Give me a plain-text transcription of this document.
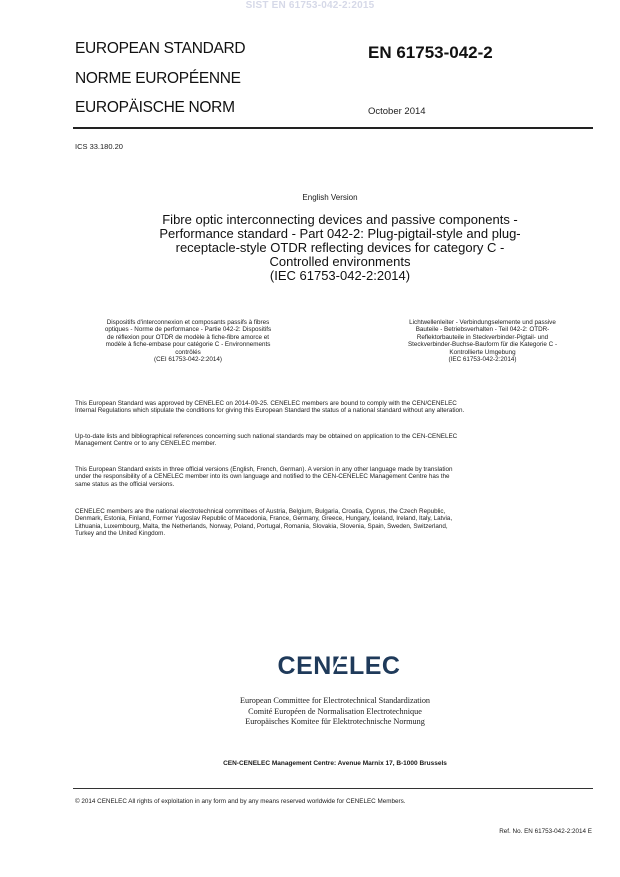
SIST EN 61753-042-2:2015
EUROPEAN STANDARD
NORME EUROPÉENNE
EUROPÄISCHE NORM
EN 61753-042-2
October 2014
ICS 33.180.20
English Version
Fibre optic interconnecting devices and passive components -
Performance standard - Part 042-2: Plug-pigtail-style and plug-
receptacle-style OTDR reflecting devices for category C -
Controlled environments
(IEC 61753-042-2:2014)
Dispositifs d'interconnexion et composants passifs à fibres
optiques - Norme de performance - Partie 042-2: Dispositifs
de réflexion pour OTDR de modèle à fiche-fibre amorce et
modèle à fiche-embase pour catégorie C - Environnements
contrôlés
(CEI 61753-042-2:2014)
Lichtwellenleiter - Verbindungselemente und passive
Bauteile - Betriebsverhalten - Teil 042-2: OTDR-
Reflektorbauteile in Steckverbinder-Pigtail- und
Steckverbinder-Buchse-Bauform für die Kategorie C -
Kontrollierte Umgebung
(IEC 61753-042-2:2014)
This European Standard was approved by CENELEC on 2014-09-25. CENELEC members are bound to comply with the CEN/CENELEC
Internal Regulations which stipulate the conditions for giving this European Standard the status of a national standard without any alteration.
Up-to-date lists and bibliographical references concerning such national standards may be obtained on application to the CEN-CENELEC
Management Centre or to any CENELEC member.
This European Standard exists in three official versions (English, French, German). A version in any other language made by translation
under the responsibility of a CENELEC member into its own language and notified to the CEN-CENELEC Management Centre has the
same status as the official versions.
CENELEC members are the national electrotechnical committees of Austria, Belgium, Bulgaria, Croatia, Cyprus, the Czech Republic,
Denmark, Estonia, Finland, Former Yugoslav Republic of Macedonia, France, Germany, Greece, Hungary, Iceland, Ireland, Italy, Latvia,
Lithuania, Luxembourg, Malta, the Netherlands, Norway, Poland, Portugal, Romania, Slovakia, Slovenia, Spain, Sweden, Switzerland,
Turkey and the United Kingdom.
CENELEC
European Committee for Electrotechnical Standardization
Comité Européen de Normalisation Electrotechnique
Europäisches Komitee für Elektrotechnische Normung
CEN-CENELEC Management Centre: Avenue Marnix 17, B-1000 Brussels
© 2014 CENELEC All rights of exploitation in any form and by any means reserved worldwide for CENELEC Members.
Ref. No. EN 61753-042-2:2014 E
